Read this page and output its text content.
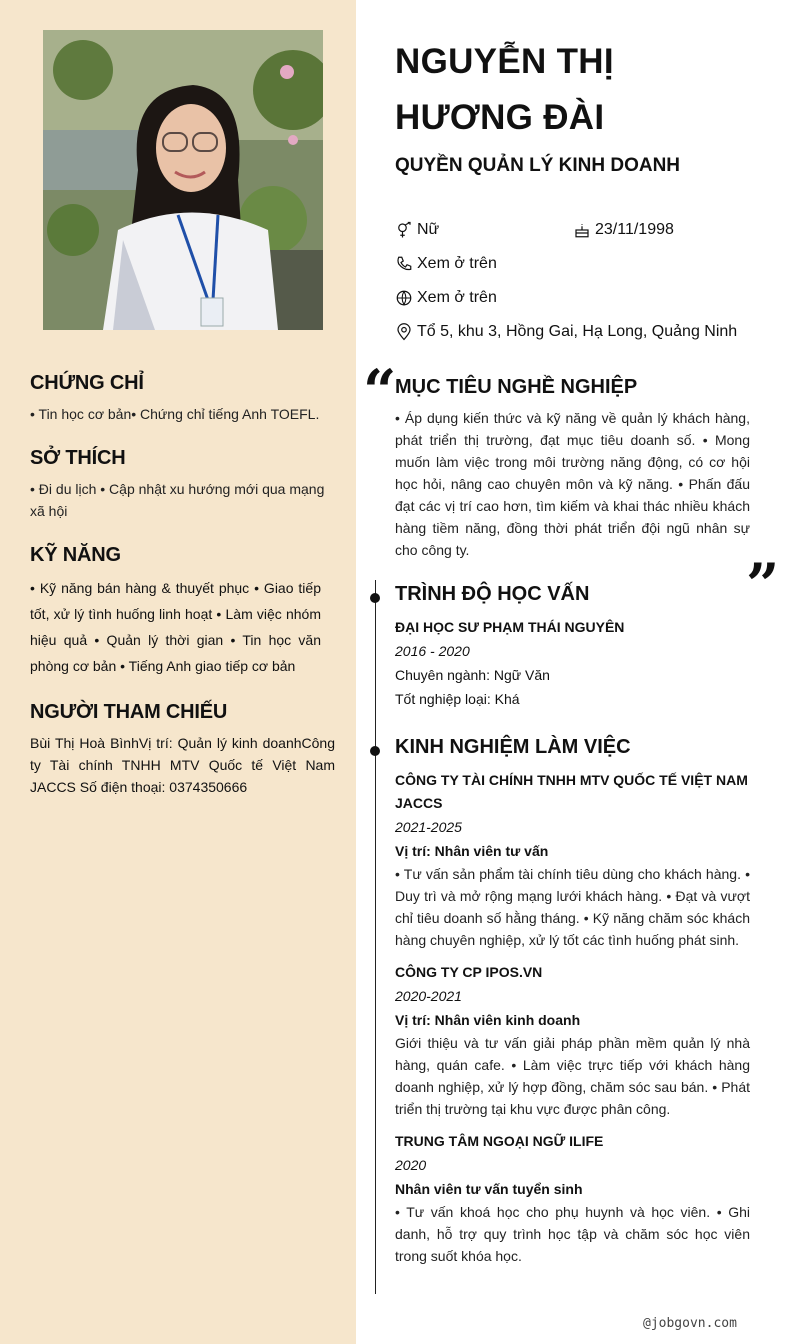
CHỨNG CHỈ
• Tin học cơ bản• Chứng chỉ tiếng Anh TOEFL.
SỞ THÍCH
• Đi du lịch • Cập nhật xu hướng mới qua mạng xã hội
KỸ NĂNG
• Kỹ năng bán hàng & thuyết phục • Giao tiếp tốt, xử lý tình huống linh hoạt • Làm việc nhóm hiệu quả • Quản lý thời gian • Tin học văn phòng cơ bản • Tiếng Anh giao tiếp cơ bản
NGƯỜI THAM CHIẾU
Bùi Thị Hoà BìnhVị trí: Quản lý kinh doanhCông ty Tài chính TNHH MTV Quốc tế Việt Nam JACCS Số điện thoại: 0374350666
NGUYỄN THỊ HƯƠNG ĐÀI
QUYỀN QUẢN LÝ KINH DOANH
Nữ	23/11/1998
Xem ở trên
Xem ở trên
Tổ 5, khu 3, Hồng Gai, Hạ Long, Quảng Ninh
“
”
MỤC TIÊU NGHỀ NGHIỆP
• Áp dụng kiến thức và kỹ năng về quản lý khách hàng, phát triển thị trường, đạt mục tiêu doanh số. • Mong muốn làm việc trong môi trường năng động, có cơ hội học hỏi, nâng cao chuyên môn và kỹ năng. • Phấn đấu đạt các vị trí cao hơn, tìm kiếm và khai thác nhiều khách hàng tiềm năng, đồng thời phát triển đội ngũ nhân sự cho công ty.
TRÌNH ĐỘ HỌC VẤN
ĐẠI HỌC SƯ PHẠM THÁI NGUYÊN
2016 - 2020
Chuyên ngành: Ngữ Văn
Tốt nghiệp loại: Khá
KINH NGHIỆM LÀM VIỆC
CÔNG TY TÀI CHÍNH TNHH MTV QUỐC TẾ VIỆT NAM JACCS
2021-2025
Vị trí: Nhân viên tư vấn
• Tư vấn sản phẩm tài chính tiêu dùng cho khách hàng. • Duy trì và mở rộng mạng lưới khách hàng. • Đạt và vượt chỉ tiêu doanh số hằng tháng. • Kỹ năng chăm sóc khách hàng chuyên nghiệp, xử lý tốt các tình huống phát sinh.
CÔNG TY CP IPOS.VN
2020-2021
Vị trí: Nhân viên kinh doanh
Giới thiệu và tư vấn giải pháp phần mềm quản lý nhà hàng, quán cafe. • Làm việc trực tiếp với khách hàng doanh nghiệp, xử lý hợp đồng, chăm sóc sau bán. • Phát triển thị trường tại khu vực được phân công.
TRUNG TÂM NGOẠI NGỮ ILIFE
2020
Nhân viên tư vấn tuyển sinh
• Tư vấn khoá học cho phụ huynh và học viên. • Ghi danh, hỗ trợ quy trình học tập và chăm sóc học viên trong suốt khóa học.
@jobgovn.com
